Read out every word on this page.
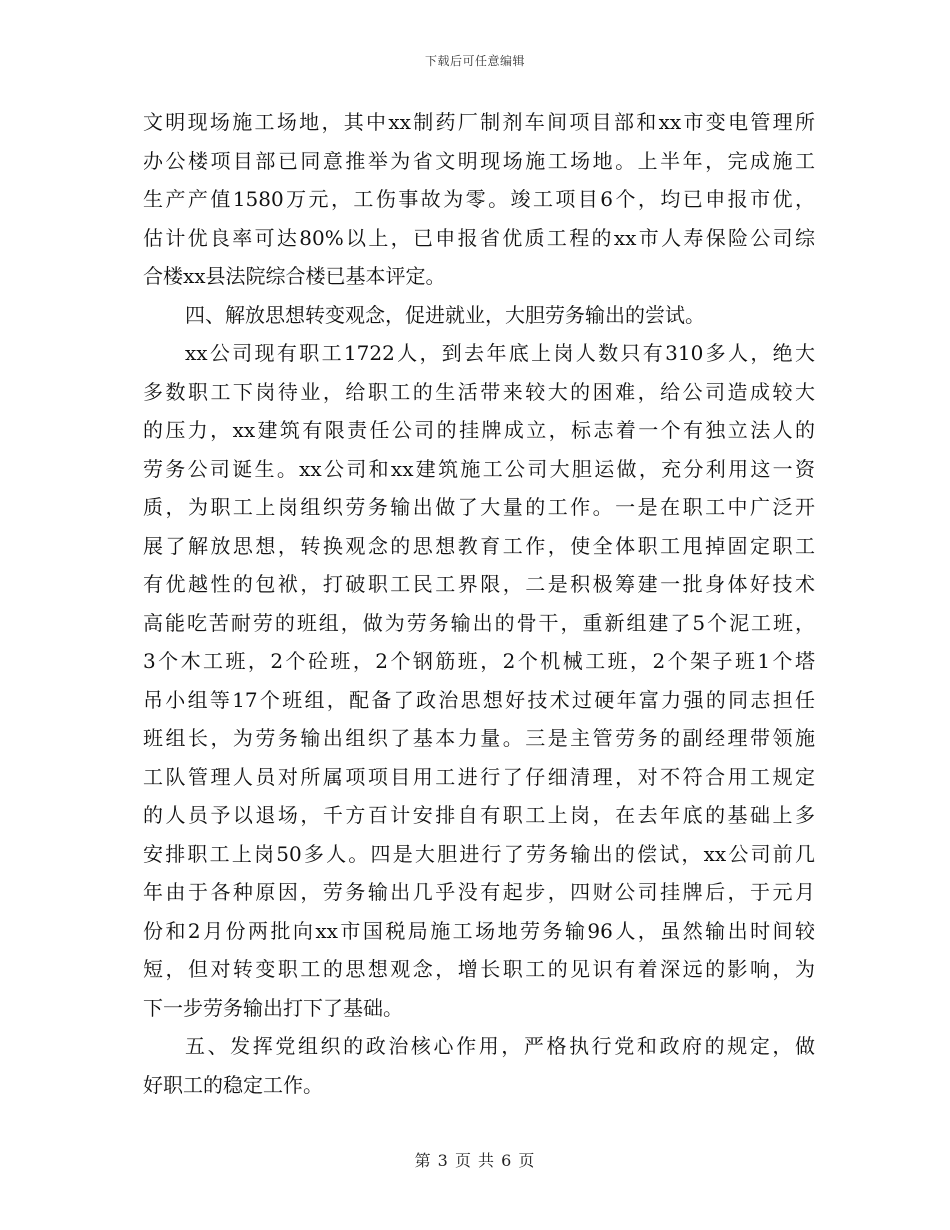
下载后可任意编辑
文明现场施工场地，其中xx制药厂制剂车间项目部和xx市变电管理所
办公楼项目部已同意推举为省文明现场施工场地。上半年，完成施工
生产产值1580万元，工伤事故为零。竣工项目6个，均已申报市优，
估计优良率可达80%以上，已申报省优质工程的xx市人寿保险公司综
合楼xx县法院综合楼已基本评定。
四、解放思想转变观念，促进就业，大胆劳务输出的尝试。
xx公司现有职工1722人，到去年底上岗人数只有310多人，绝大
多数职工下岗待业，给职工的生活带来较大的困难，给公司造成较大
的压力，xx建筑有限责任公司的挂牌成立，标志着一个有独立法人的
劳务公司诞生。xx公司和xx建筑施工公司大胆运做，充分利用这一资
质，为职工上岗组织劳务输出做了大量的工作。一是在职工中广泛开
展了解放思想，转换观念的思想教育工作，使全体职工甩掉固定职工
有优越性的包袱，打破职工民工界限，二是积极筹建一批身体好技术
高能吃苦耐劳的班组，做为劳务输出的骨干，重新组建了5个泥工班，
3个木工班，2个砼班，2个钢筋班，2个机械工班，2个架子班1个塔
吊小组等17个班组，配备了政治思想好技术过硬年富力强的同志担任
班组长，为劳务输出组织了基本力量。三是主管劳务的副经理带领施
工队管理人员对所属项项目用工进行了仔细清理，对不符合用工规定
的人员予以退场，千方百计安排自有职工上岗，在去年底的基础上多
安排职工上岗50多人。四是大胆进行了劳务输出的偿试，xx公司前几
年由于各种原因，劳务输出几乎没有起步，四财公司挂牌后，于元月
份和2月份两批向xx市国税局施工场地劳务输96人，虽然输出时间较
短，但对转变职工的思想观念，增长职工的见识有着深远的影响，为
下一步劳务输出打下了基础。
五、发挥党组织的政治核心作用，严格执行党和政府的规定，做
好职工的稳定工作。
第 3 页 共 6 页
